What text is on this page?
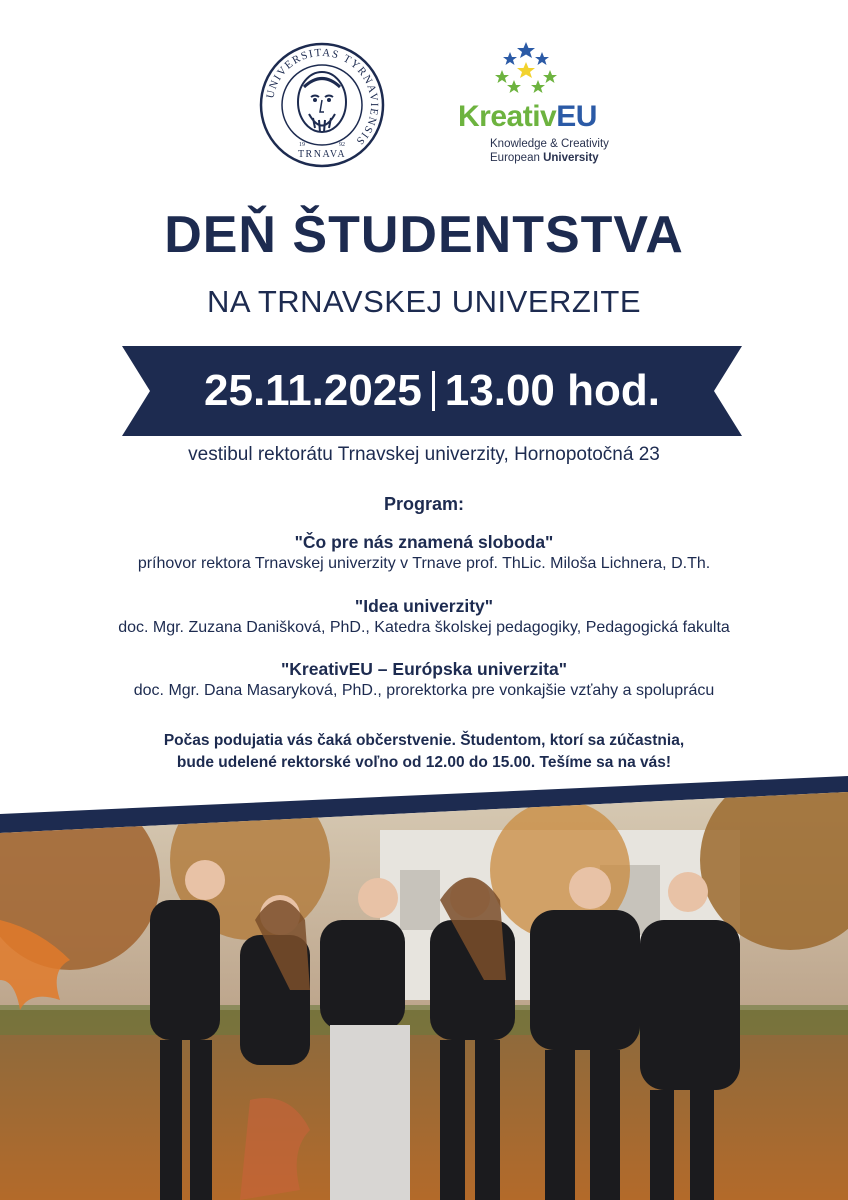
UNIVERSITAS TYRNAVIENSIS
19	92
TRNAVA
KreativEU
Knowledge & Creativity
European University
DEŇ ŠTUDENTSTVA
NA TRNAVSKEJ UNIVERZITE
25.11.2025 13.00 hod.
vestibul rektorátu Trnavskej univerzity, Hornopotočná 23
Program:
"Čo pre nás znamená sloboda"
príhovor rektora Trnavskej univerzity v Trnave prof. ThLic. Miloša Lichnera, D.Th.
"Idea univerzity"
doc. Mgr. Zuzana Danišková, PhD., Katedra školskej pedagogiky, Pedagogická fakulta
"KreativEU – Európska univerzita"
doc. Mgr. Dana Masaryková, PhD., prorektorka pre vonkajšie vzťahy a spoluprácu
Počas podujatia vás čaká občerstvenie. Študentom, ktorí sa zúčastnia,
bude udelené rektorské voľno od 12.00 do 15.00. Tešíme sa na vás!
